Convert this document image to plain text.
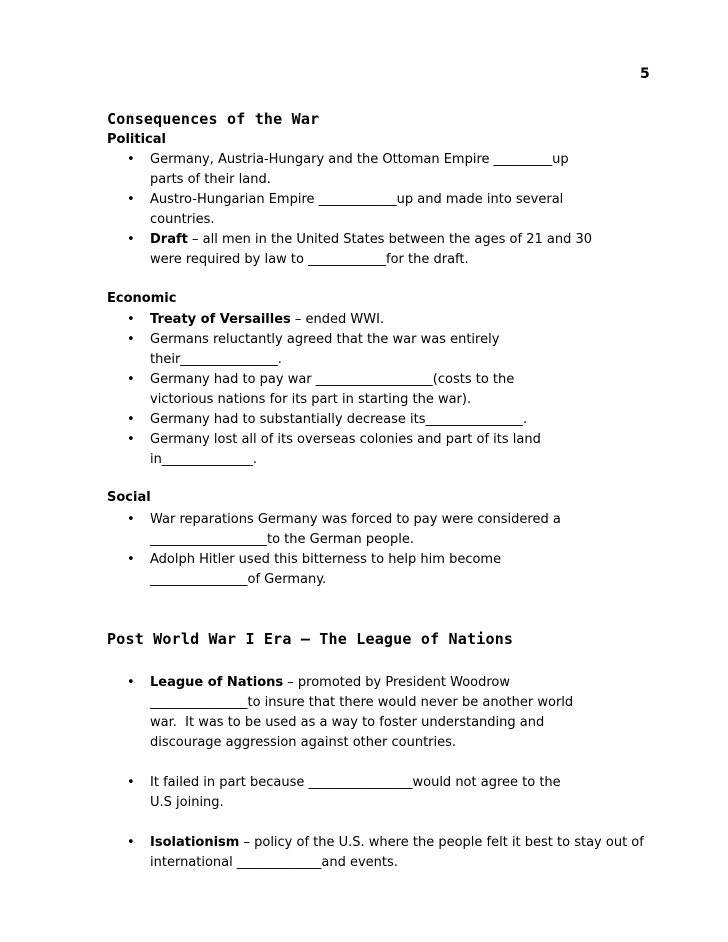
5
Consequences of the War
Political
• Germany, Austria-Hungary and the Ottoman Empire _________up
parts of their land.
• Austro-Hungarian Empire ____________up and made into several
countries.
• Draft – all men in the United States between the ages of 21 and 30
were required by law to ____________for the draft.
Economic
• Treaty of Versailles – ended WWI.
• Germans reluctantly agreed that the war was entirely
their_______________.
• Germany had to pay war __________________(costs to the
victorious nations for its part in starting the war).
• Germany had to substantially decrease its_______________.
• Germany lost all of its overseas colonies and part of its land
in______________.
Social
• War reparations Germany was forced to pay were considered a
__________________to the German people.
• Adolph Hitler used this bitterness to help him become
_______________of Germany.
Post World War I Era – The League of Nations
• League of Nations – promoted by President Woodrow
_______________to insure that there would never be another world
war.  It was to be used as a way to foster understanding and
discourage aggression against other countries.
• It failed in part because ________________would not agree to the
U.S joining.
• Isolationism – policy of the U.S. where the people felt it best to stay out of
international _____________and events.
